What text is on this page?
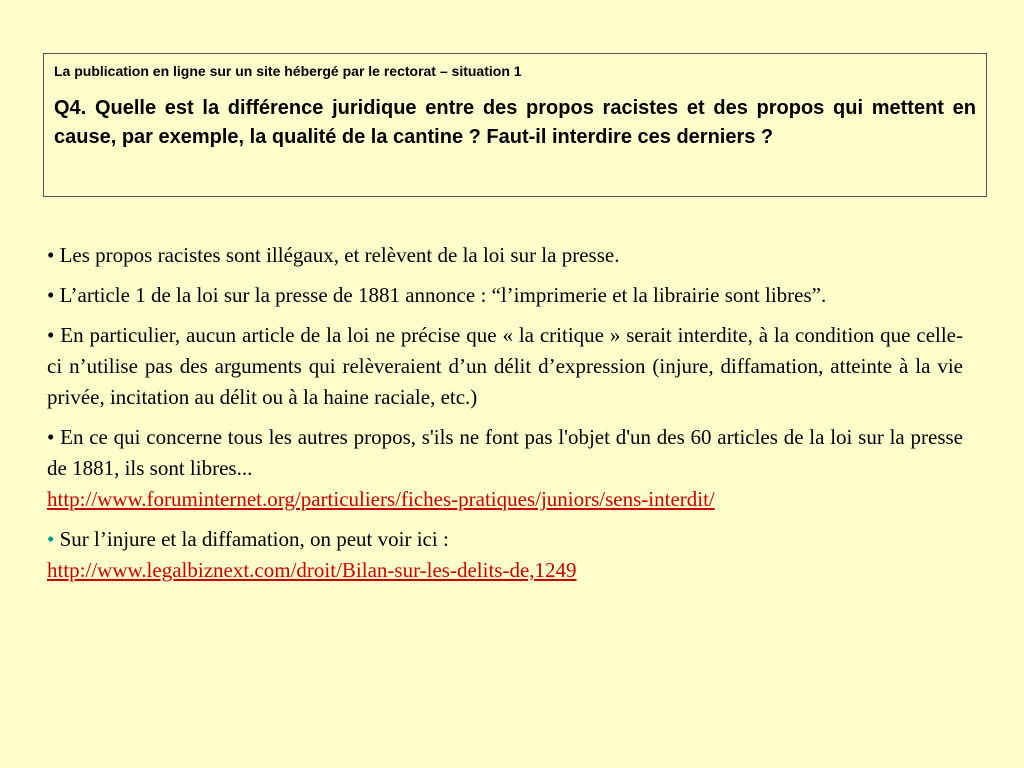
La publication en ligne sur un site hébergé par le rectorat – situation 1

Q4. Quelle est la différence juridique entre des propos racistes et des propos qui mettent en cause, par exemple, la qualité de la cantine ? Faut-il interdire ces derniers ?

• Les propos racistes sont illégaux, et relèvent de la loi sur la presse.

• L’article 1 de la loi sur la presse de 1881 annonce : “l’imprimerie et la librairie sont libres”.

• En particulier, aucun article de la loi ne précise que « la critique » serait interdite, à la condition que celle-ci n’utilise pas des arguments qui relèveraient d’un délit d’expression (injure, diffamation, atteinte à la vie privée, incitation au délit ou à la haine raciale, etc.)

• En ce qui concerne tous les autres propos, s'ils ne font pas l'objet d'un des 60 articles de la loi sur la presse de 1881, ils sont libres...
http://www.foruminternet.org/particuliers/fiches-pratiques/juniors/sens-interdit/

• Sur l’injure et la diffamation, on peut voir ici :
http://www.legalbiznext.com/droit/Bilan-sur-les-delits-de,1249
